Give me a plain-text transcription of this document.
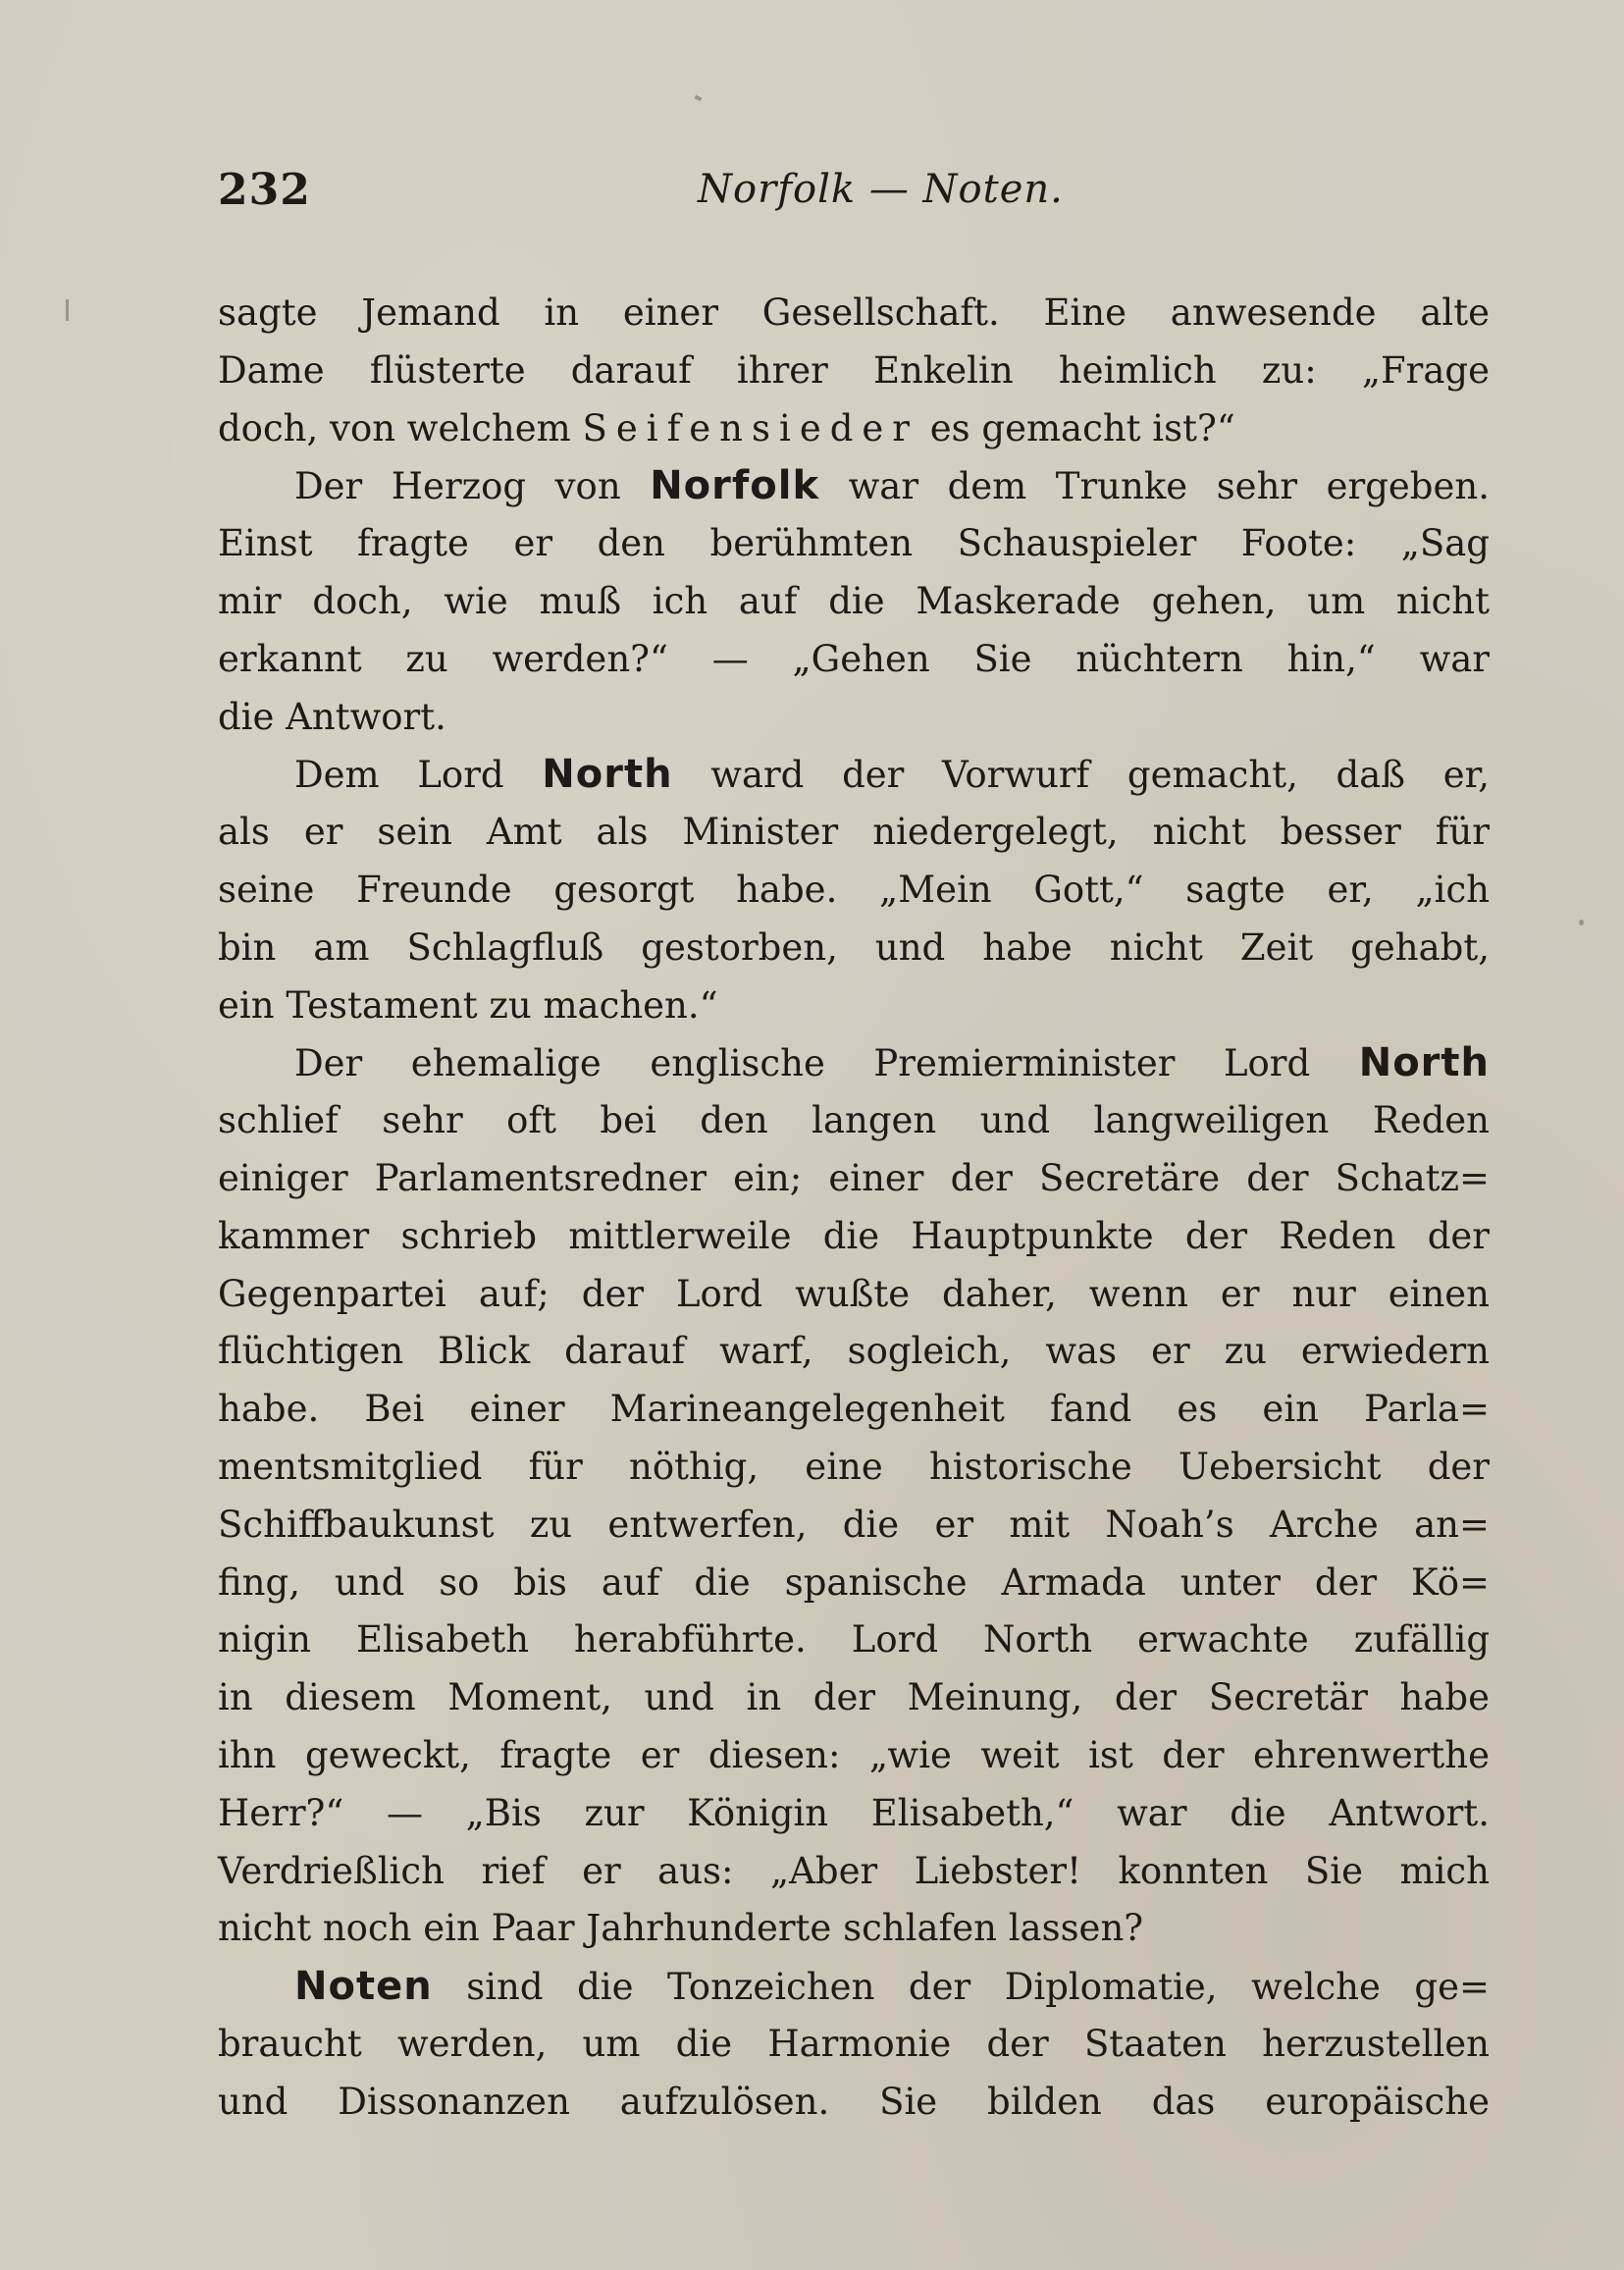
232	Norfolk — Noten.
sagte Jemand in einer Gesellschaft. Eine anwesende alte
Dame flüsterte darauf ihrer Enkelin heimlich zu: „Frage
doch, von welchem Seifensieder es gemacht ist?“
Der Herzog von Norfolk war dem Trunke sehr ergeben.
Einst fragte er den berühmten Schauspieler Foote: „Sag
mir doch, wie muß ich auf die Maskerade gehen, um nicht
erkannt zu werden?“ — „Gehen Sie nüchtern hin,“ war
die Antwort.
Dem Lord North ward der Vorwurf gemacht, daß er,
als er sein Amt als Minister niedergelegt, nicht besser für
seine Freunde gesorgt habe. „Mein Gott,“ sagte er, „ich
bin am Schlagfluß gestorben, und habe nicht Zeit gehabt,
ein Testament zu machen.“
Der ehemalige englische Premierminister Lord North
schlief sehr oft bei den langen und langweiligen Reden
einiger Parlamentsredner ein; einer der Secretäre der Schatz=
kammer schrieb mittlerweile die Hauptpunkte der Reden der
Gegenpartei auf; der Lord wußte daher, wenn er nur einen
flüchtigen Blick darauf warf, sogleich, was er zu erwiedern
habe. Bei einer Marineangelegenheit fand es ein Parla=
mentsmitglied für nöthig, eine historische Uebersicht der
Schiffbaukunst zu entwerfen, die er mit Noah’s Arche an=
fing, und so bis auf die spanische Armada unter der Kö=
nigin Elisabeth herabführte. Lord North erwachte zufällig
in diesem Moment, und in der Meinung, der Secretär habe
ihn geweckt, fragte er diesen: „wie weit ist der ehrenwerthe
Herr?“ — „Bis zur Königin Elisabeth,“ war die Antwort.
Verdrießlich rief er aus: „Aber Liebster! konnten Sie mich
nicht noch ein Paar Jahrhunderte schlafen lassen?
Noten sind die Tonzeichen der Diplomatie, welche ge=
braucht werden, um die Harmonie der Staaten herzustellen
und Dissonanzen aufzulösen. Sie bilden das europäische
